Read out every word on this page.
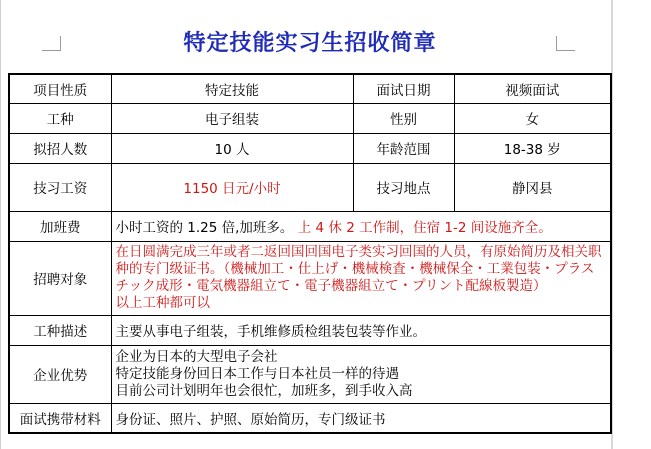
特定技能实习生招收简章
项目性质	特定技能	面试日期	视频面试
工种	电子组装	性别	女
拟招人数	10 人	年龄范围	18-38 岁
技习工资	1150 日元/小时	技习地点	静冈县
加班费	小时工资的 1.25 倍,加班多。 上 4 休 2 工作制，住宿 1-2 间设施齐全。		
招聘对象	在日圆满完成三年或者二返回国回国电子类实习回国的人员，有原始简历及相关职种的专门级证书。（機械加工・仕上げ・機械検査・機械保全・工業包装・プラスチック成形・電気機器組立て・電子機器組立て・プリント配線板製造）
以上工种都可以		

工种描述	主要从事电子组装，手机维修质检组装包装等作业。		
企业优势	企业为日本的大型电子会社
特定技能身份回日本工作与日本社员一样的待遇
目前公司计划明年也会很忙，加班多，到手收入高		

面试携带材料	身份证、照片、护照、原始简历，专门级证书		
